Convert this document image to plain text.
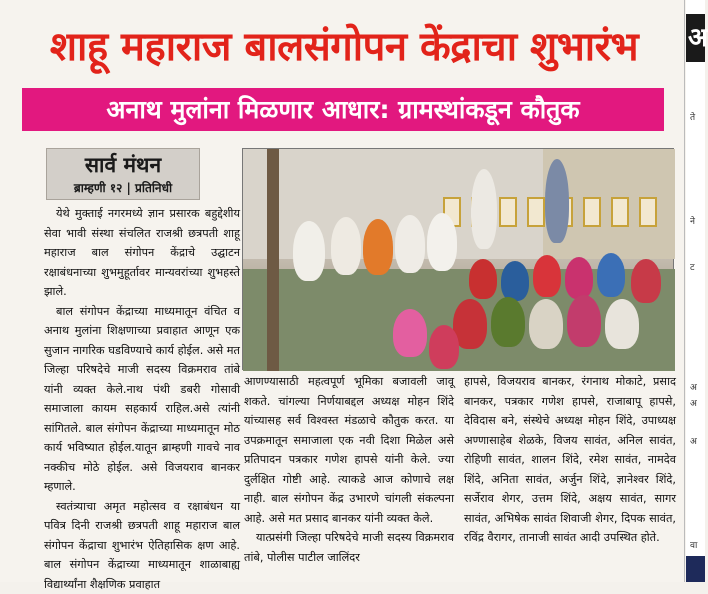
शाहू महाराज बालसंगोपन केंद्राचा शुभारंभ
अनाथ मुलांना मिळणार आधार: ग्रामस्थांकडून कौतुक
सार्व मंथन
ब्राम्हणी १२ | प्रतिनिधी

येथे मुक्ताई नगरमध्ये ज्ञान प्रसारक बहुद्देशीय सेवा भावी संस्था संचलित राजश्री छत्रपती शाहू महाराज बाल संगोपन केंद्राचे उद्घाटन रक्षाबंधनाच्या शुभमुहूर्तावर मान्यवरांच्या शुभहस्ते झाले.

बाल संगोपन केंद्राच्या माध्यमातून वंचित व अनाथ मुलांना शिक्षणाच्या प्रवाहात आणून एक सुजान नागरिक घडविण्याचे कार्य होईल. असे मत जिल्हा परिषदेचे माजी सदस्य विक्रमराव तांबे यांनी व्यक्त केले.नाथ पंथी डबरी गोसावी समाजाला कायम सहकार्य राहिल.असे त्यांनी सांगितले. बाल संगोपन केंद्राच्या माध्यमातून मोठ कार्य भविष्यात होईल.यातून ब्राम्हणी गावचे नाव नक्कीच मोठे होईल. असे विजयराव बानकर म्हणाले.

स्वतंत्र्याचा अमृत महोत्सव व रक्षाबंधन या पवित्र दिनी राजश्री छत्रपती शाहू महाराज बाल संगोपन केंद्राचा शुभारंभ ऐतिहासिक क्षण आहे. बाल संगोपन केंद्राच्या माध्यमातून शाळाबाह्य विद्यार्थ्यांना शैक्षणिक प्रवाहात

आणण्यासाठी महत्वपूर्ण भूमिका बजावली जावू शकते. चांगल्या निर्णयाबद्दल अध्यक्ष मोहन शिंदे यांच्यासह सर्व विश्वस्त मंडळाचे कौतुक करत. या उपक्रमातून समाजाला एक नवी दिशा मिळेल असे प्रतिपादन पत्रकार गणेश हापसे यांनी केले. ज्या दुर्लक्षित गोष्टी आहे. त्याकडे आज कोणाचे लक्ष नाही. बाल संगोपन केंद्र उभारणे चांगली संकल्पना आहे. असे मत प्रसाद बानकर यांनी व्यक्त केले.

यात्प्रसंगी जिल्हा परिषदेचे माजी सदस्य विक्रमराव तांबे, पोलीस पाटील जालिंदर

हापसे, विजयराव बानकर, रंगनाथ मोकाटे, प्रसाद बानकर, पत्रकार गणेश हापसे, राजाबापू हापसे, देविदास बने, संस्थेचे अध्यक्ष मोहन शिंदे, उपाध्यक्ष अण्णासाहेब शेळके, विजय सावंत, अनिल सावंत, रोहिणी सावंत, शालन शिंदे, रमेश सावंत, नामदेव शिंदे, अनिता सावंत, अर्जुन शिंदे, ज्ञानेश्वर शिंदे, सर्जेराव शेगर, उत्तम शिंदे, अक्षय सावंत, सागर सावंत, अभिषेक सावंत शिवाजी शेगर, दिपक सावंत, रविंद्र वैरागर, तानाजी सावंत आदी उपस्थित होते.

अ
ते
ने
ट
अ
अ
अ
वा
